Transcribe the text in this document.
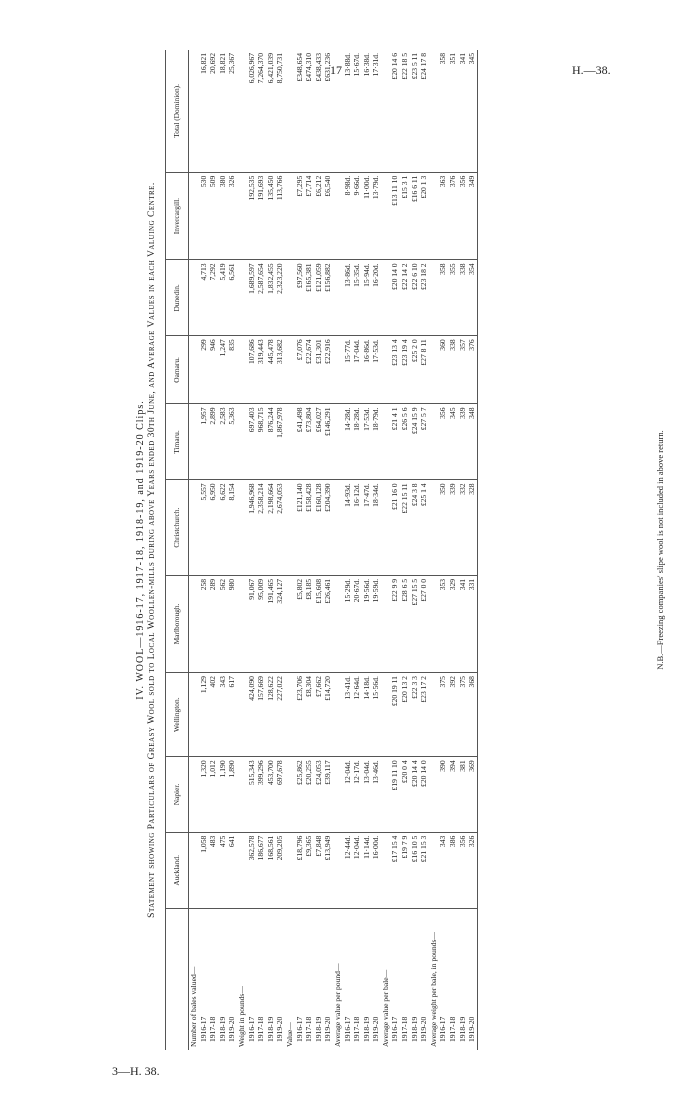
17	H.—38.
3—H. 38.
IV. WOOL—1916-17, 1917-18, 1918-19, and 1919-20 Clips. Statement showing Particulars of Greasy Wool sold to Local Woollen-mills during above Years ended 30th June, and Average Values in each Valuing Centre.
	Auckland.	Napier.	Wellington.	Marlborough.	Christchurch.	Timaru.	Oamaru.	Dunedin.	Invercargill.	Total (Dominion).
Number of bales valued—										
1916-17	1,058	1,320	1,129	258	5,557	1,957	299	4,713	530	16,821
1917-18	483	1,012	402	289	6,950	2,899	946	7,292	509	20,692
1918-19	475	1,190	343	562	6,622	2,583	1,247	5,419	380	18,821
1919-20	641	1,890	617	980	8,154	5,363	835	6,561	326	25,367
Weight in pounds—										
1916-17	362,578	515,343	424,090	91,067	1,946,968	697,403	107,686	1,689,597	192,535	6,026,967
1917-18	186,677	399,296	157,669	95,009	2,358,214	968,715	319,443	2,587,654	191,693	7,264,370
1918-19	168,561	453,700	128,622	191,465	2,198,664	876,244	445,478	1,832,455	135,450	6,421,039
1919-20	209,205	697,678	227,022	324,127	2,674,053	1,867,978	313,682	2,323,220	113,766	8,750,731
Value—										
1916-17	£18,796	£25,862	£23,706	£5,802	£121,140	£41,498	£7,076	£97,560	£7,295	£348,654
1917-18	£9,365	£20,255	£8,304	£8,185	£158,428	£73,804	£22,674	£165,381	£7,714	£474,310
1918-19	£7,848	£24,053	£7,662	£15,608	£160,128	£64,027	£31,301	£121,059	£6,212	£438,433
1919-20	£13,949	£39,117	£14,720	£26,461	£204,390	£146,291	£22,916	£156,882	£6,540	£631,236
Average value per pound—										
1916-17	12·44d.	12·04d.	13·41d.	15·29d.	14·93d.	14·28d.	15·77d.	13·86d.	8·98d.	13·88d.
1917-18	12·04d.	12·17d.	12·64d.	20·67d.	16·12d.	18·28d.	17·04d.	15·35d.	9·66d.	15·67d.
1918-19	11·14d.	13·04d.	14·18d.	19·56d.	17·47d.	17·53d.	16·86d.	15·94d.	11·00d.	16·38d.
1919-20	16·00d.	13·46d.	15·56d.	19·59d.	18·34d.	18·79d.	17·53d.	16·20d.	13·79d.	17·31d.
Average value per bale—										
1916-17	£17 15 4	£19 11 10	£20 19 11	£22 9 9	£21 16 0	£21 4 1	£23 13 4	£20 14 0	£13 11 10	£20 14 6
1917-18	£19 7 9	£20 0 4	£20 13 2	£28 6 5	£22 15 11	£26 5 6	£23 19 4	£22 14 2	£15 3 1	£22 18 5
1918-19	£16 10 5	£20 14 4	£22 3 3	£27 15 5	£24 3 8	£24 15 9	£25 2 0	£22 6 10	£16 6 11	£23 5 11
1919-20	£21 15 3	£20 14 0	£23 17 2	£27 0 0	£25 1 4	£27 5 7	£27 8 11	£23 18 2	£20 1 3	£24 17 8
Average weight per bale, in pounds—										
1916-17	343	390	375	353	350	356	360	358	363	358
1917-18	386	394	392	329	339	345	338	355	376	351
1918-19	356	381	375	341	332	339	357	338	356	341
1919-20	326	369	368	331	328	348	376	354	349	345
N.B.—Freezing companies' slipe wool is not included in above return.
